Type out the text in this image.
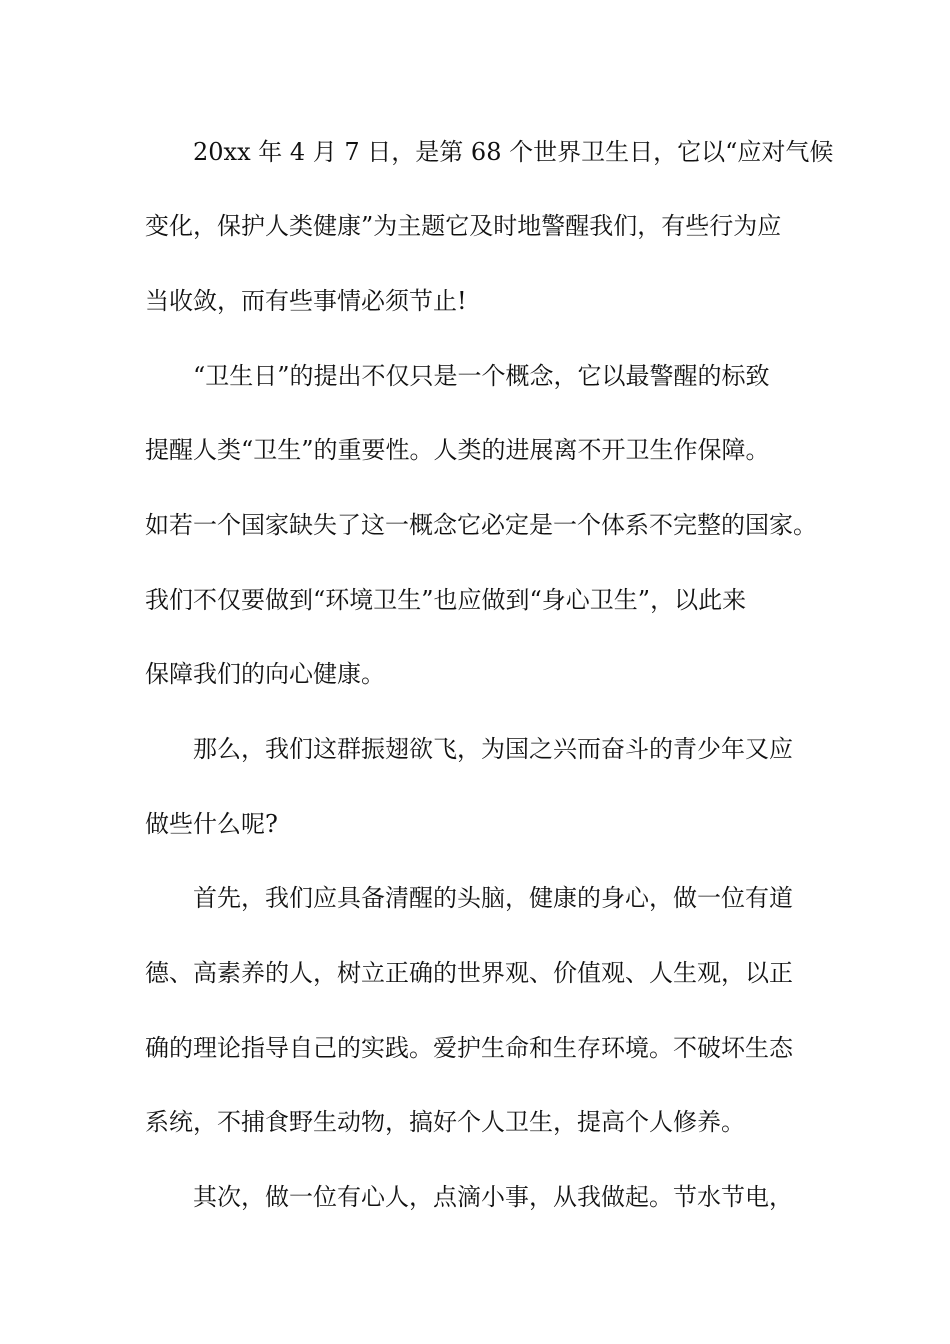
20xx 年 4 月 7 日，是第 68 个世界卫生日，它以“应对气候
变化，保护人类健康”为主题它及时地警醒我们，有些行为应
当收敛，而有些事情必须节止!
“卫生日”的提出不仅只是一个概念，它以最警醒的标致
提醒人类“卫生”的重要性。人类的进展离不开卫生作保障。
如若一个国家缺失了这一概念它必定是一个体系不完整的国家。
我们不仅要做到“环境卫生”也应做到“身心卫生”，以此来
保障我们的向心健康。
那么，我们这群振翅欲飞，为国之兴而奋斗的青少年又应
做些什么呢?
首先，我们应具备清醒的头脑，健康的身心，做一位有道
德、高素养的人，树立正确的世界观、价值观、人生观，以正
确的理论指导自己的实践。爱护生命和生存环境。不破坏生态
系统，不捕食野生动物，搞好个人卫生，提高个人修养。
其次，做一位有心人，点滴小事，从我做起。节水节电，
